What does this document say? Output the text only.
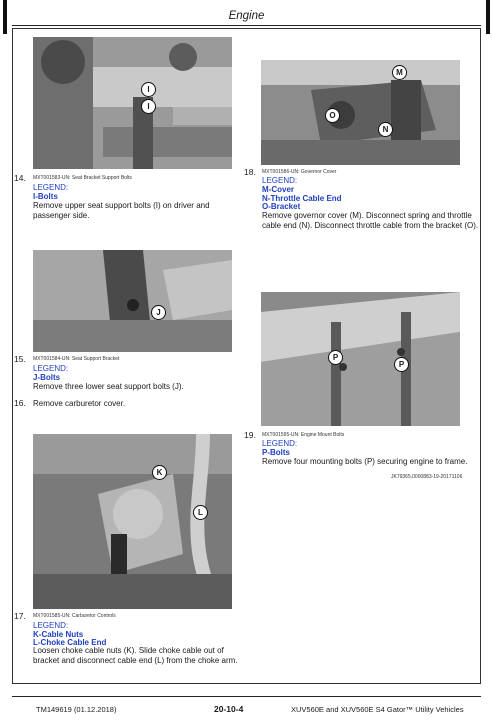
Engine
I
I
14. MXT001583-UN: Seat Bracket Support Bolts
LEGEND:
I-Bolts
Remove upper seat support bolts (I) on driver and passenger side.
M
O
N
18. MXT001586-UN: Governor Cover
LEGEND:
M-Cover
N-Throttle Cable End
O-Bracket
Remove governor cover (M). Disconnect spring and throttle
cable end (N). Disconnect throttle cable from the bracket (O).
J
15. MXT001584-UN: Seat Support Bracket
LEGEND:
J-Bolts
Remove three lower seat support bolts (J).
16. Remove carburetor cover.
P
P
19. MXT001595-UN: Engine Mount Bolts
LEGEND:
P-Bolts
Remove four mounting bolts (P) securing engine to frame.
JK79365,0000883-19-20171106
K
L
17. MXT001585-UN: Carburetor Controls
LEGEND:
K-Cable Nuts
L-Choke Cable End
Loosen choke cable nuts (K). Slide choke cable out of
bracket and disconnect cable end (L) from the choke arm.
TM149619 (01.12.2018)	20-10-4	XUV560E and XUV560E S4 Gator™ Utility Vehicles
